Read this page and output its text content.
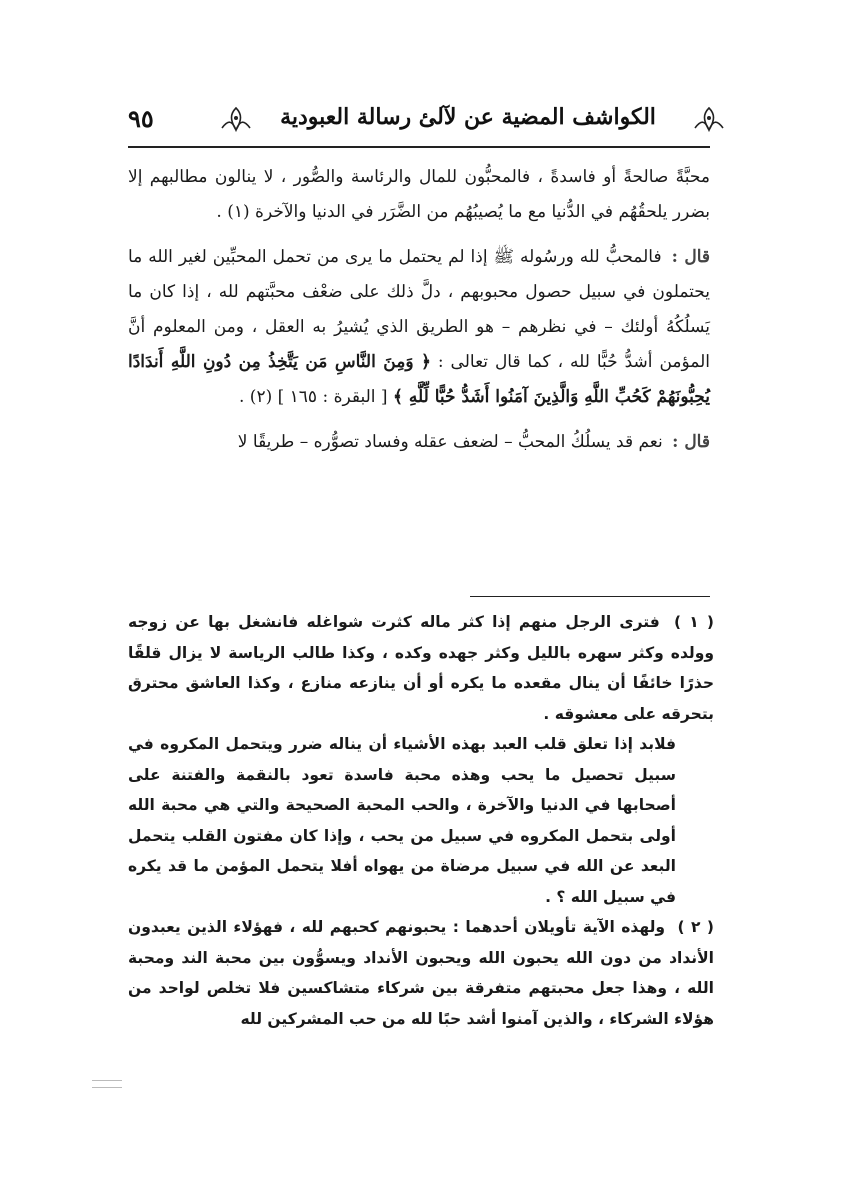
٩٥	الكواشف المضية عن لآلئ رسالة العبودية

محبَّةً صالحةً أو فاسدةً ، فالمحبُّون للمال والرئاسة والصُّور ، لا ينالون مطالبهم إلا بضرر يلحقُهُم في الدُّنيا مع ما يُصيبُهُم من الضَّرَر في الدنيا والآخرة (١) .

قال : فالمحبُّ لله ورسُوله ﷺ إذا لم يحتمل ما يرى من تحمل المحبِّين لغير الله ما يحتملون في سبيل حصول محبوبهم ، دلَّ ذلك على ضعْف محبَّتهم لله ، إذا كان ما يَسلُكُهُ أولئك – في نظرهم – هو الطريق الذي يُشيرُ به العقل ، ومن المعلوم أنَّ المؤمن أشدُّ حُبًّا لله ، كما قال تعالى : ﴿ وَمِنَ النَّاسِ مَن يَتَّخِذُ مِن دُونِ اللَّهِ أَندَادًا يُحِبُّونَهُمْ كَحُبِّ اللَّهِ وَالَّذِينَ آمَنُوا أَشَدُّ حُبًّا لِّلَّهِ ﴾ [ البقرة : ١٦٥ ] (٢) .

قال : نعم قد يسلُكُ المحبُّ – لضعف عقله وفساد تصوُّره – طريقًا لا

( ١ ) فترى الرجل منهم إذا كثر ماله كثرت شواغله فانشغل بها عن زوجه وولده وكثر سهره بالليل وكثر جهده وكده ، وكذا طالب الرياسة لا يزال قلقًا حذرًا خائفًا أن ينال مقعده ما يكره أو أن ينازعه منازع ، وكذا العاشق محترق بتحرقه على معشوقه .

فلابد إذا تعلق قلب العبد بهذه الأشياء أن يناله ضرر ويتحمل المكروه في سبيل تحصيل ما يحب وهذه محبة فاسدة تعود بالنقمة والفتنة على أصحابها في الدنيا والآخرة ، والحب المحبة الصحيحة والتي هي محبة الله أولى بتحمل المكروه في سبيل من يحب ، وإذا كان مفتون القلب يتحمل البعد عن الله في سبيل مرضاة من يهواه أفلا يتحمل المؤمن ما قد يكره في سبيل الله ؟ .

( ٢ ) ولهذه الآية تأويلان أحدهما : يحبونهم كحبهم لله ، فهؤلاء الذين يعبدون الأنداد من دون الله يحبون الله ويحبون الأنداد ويسوُّون بين محبة الند ومحبة الله ، وهذا جعل محبتهم متفرقة بين شركاء متشاكسين فلا تخلص لواحد من هؤلاء الشركاء ، والذين آمنوا أشد حبًا لله من حب المشركين لله
